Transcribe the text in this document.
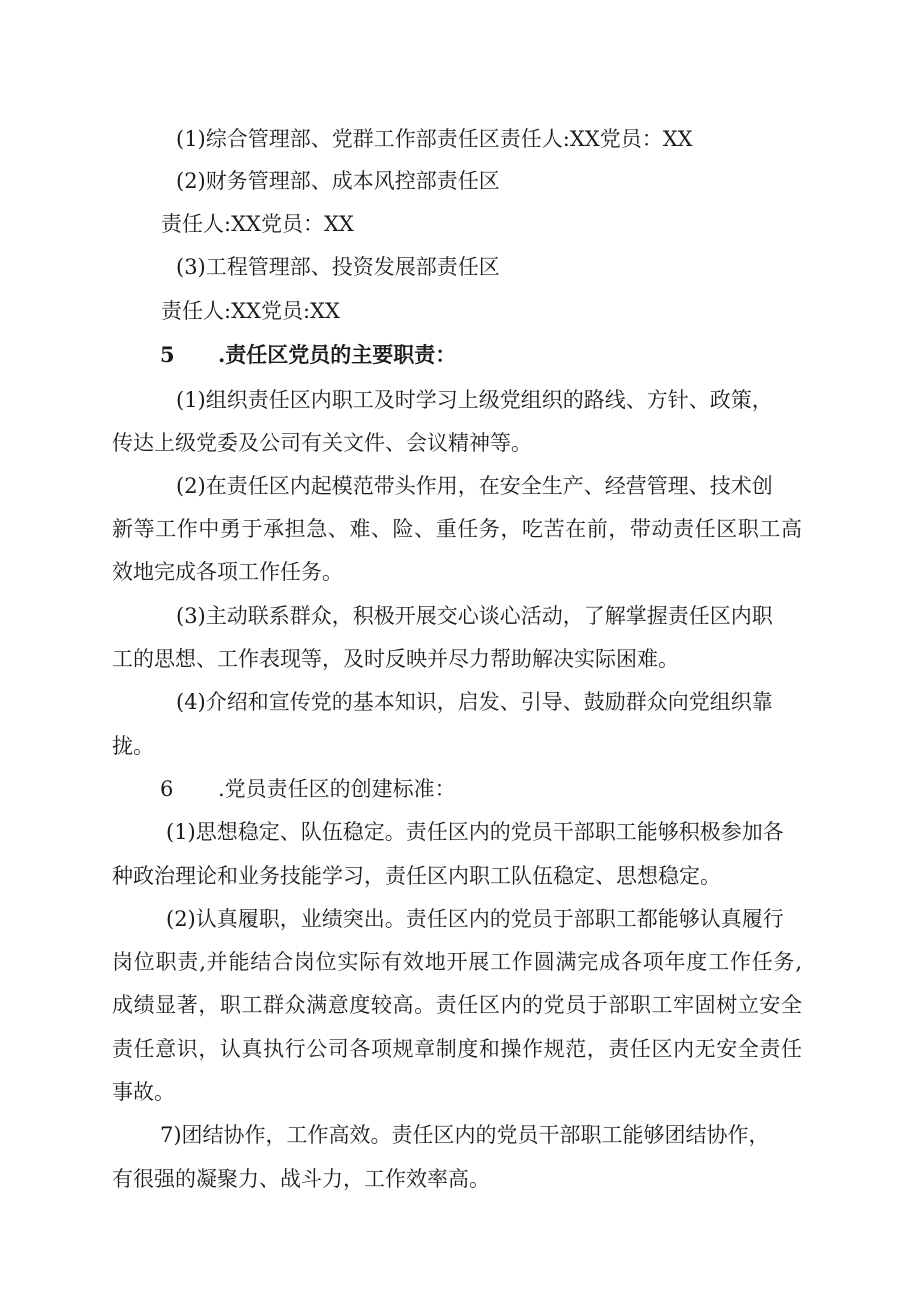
(1)综合管理部、党群工作部责任区责任人:XX党员：XX
(2)财务管理部、成本风控部责任区
责任人:XX党员：XX
(3)工程管理部、投资发展部责任区
责任人:XX党员:XX
5 .责任区党员的主要职责：
(1)组织责任区内职工及时学习上级党组织的路线、方针、政策，
传达上级党委及公司有关文件、会议精神等。
(2)在责任区内起模范带头作用，在安全生产、经营管理、技术创
新等工作中勇于承担急、难、险、重任务，吃苦在前，带动责任区职工高
效地完成各项工作任务。
(3)主动联系群众，积极开展交心谈心活动，了解掌握责任区内职
工的思想、工作表现等，及时反映并尽力帮助解决实际困难。
(4)介绍和宣传党的基本知识，启发、引导、鼓励群众向党组织靠
拢。
6 .党员责任区的创建标准：
(1)思想稳定、队伍稳定。责任区内的党员干部职工能够积极参加各
种政治理论和业务技能学习，责任区内职工队伍稳定、思想稳定。
(2)认真履职，业绩突出。责任区内的党员于部职工都能够认真履行
岗位职责,并能结合岗位实际有效地开展工作圆满完成各项年度工作任务,
成绩显著，职工群众满意度较高。责任区内的党员于部职工牢固树立安全
责任意识，认真执行公司各项规章制度和操作规范，责任区内无安全责任
事故。
7)团结协作，工作高效。责任区内的党员干部职工能够团结协作，
有很强的凝聚力、战斗力，工作效率高。
